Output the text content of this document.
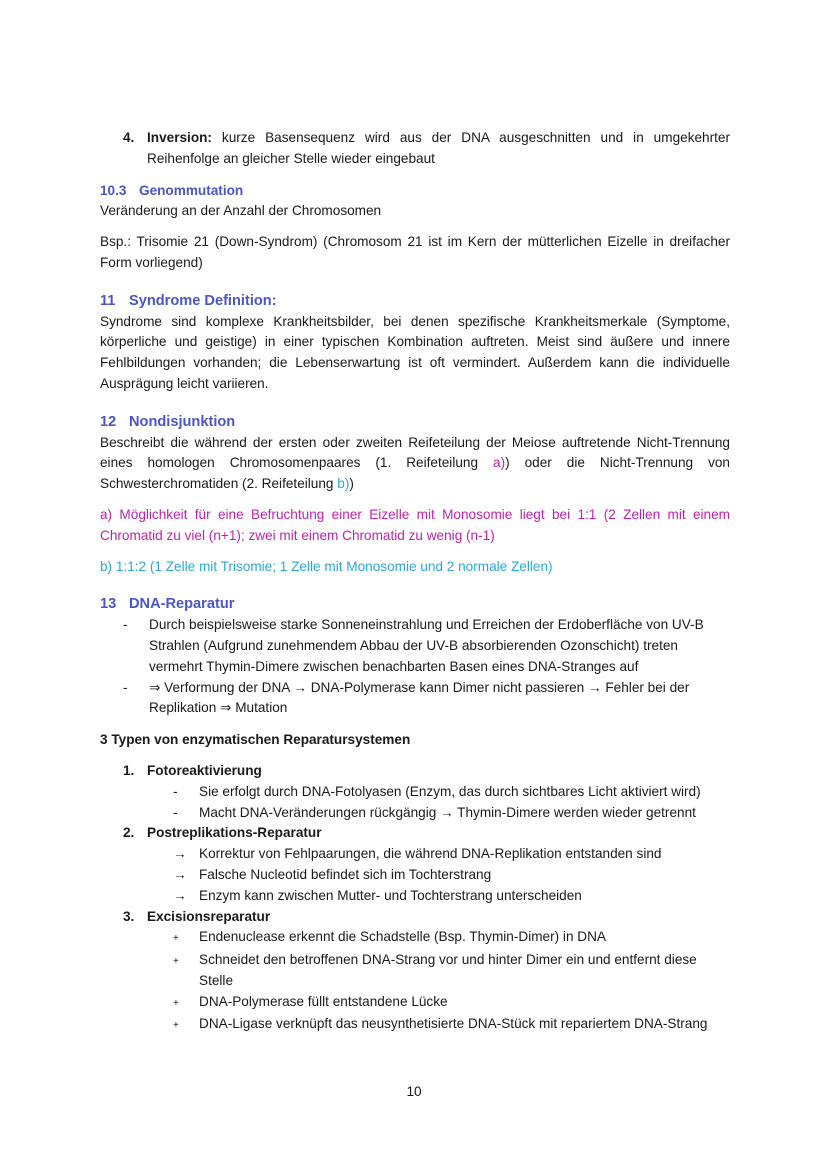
4. Inversion: kurze Basensequenz wird aus der DNA ausgeschnitten und in umgekehrter Reihenfolge an gleicher Stelle wieder eingebaut

10.3 Genommutation

Veränderung an der Anzahl der Chromosomen

Bsp.: Trisomie 21 (Down-Syndrom) (Chromosom 21 ist im Kern der mütterlichen Eizelle in dreifacher Form vorliegend)

11 Syndrome Definition:

Syndrome sind komplexe Krankheitsbilder, bei denen spezifische Krankheitsmerkale (Symptome, körperliche und geistige) in einer typischen Kombination auftreten. Meist sind äußere und innere Fehlbildungen vorhanden; die Lebenserwartung ist oft vermindert. Außerdem kann die individuelle Ausprägung leicht variieren.

12 Nondisjunktion

Beschreibt die während der ersten oder zweiten Reifeteilung der Meiose auftretende Nicht-Trennung eines homologen Chromosomenpaares (1. Reifeteilung a)) oder die Nicht-Trennung von Schwesterchromatiden (2. Reifeteilung b))

a) Möglichkeit für eine Befruchtung einer Eizelle mit Monosomie liegt bei 1:1 (2 Zellen mit einem Chromatid zu viel (n+1); zwei mit einem Chromatid zu wenig (n-1)

b) 1:1:2 (1 Zelle mit Trisomie; 1 Zelle mit Monosomie und 2 normale Zellen)

13 DNA-Reparatur
-	Durch beispielsweise starke Sonneneinstrahlung und Erreichen der Erdoberfläche von UV-B Strahlen (Aufgrund zunehmendem Abbau der UV-B absorbierenden Ozonschicht) treten vermehrt Thymin-Dimere zwischen benachbarten Basen eines DNA-Stranges auf

-	⇒ Verformung der DNA → DNA-Polymerase kann Dimer nicht passieren → Fehler bei der Replikation ⇒ Mutation

3 Typen von enzymatischen Reparatursystemen

1. Fotoreaktivierung
-	Sie erfolgt durch DNA-Fotolyasen (Enzym, das durch sichtbares Licht aktiviert wird)

-	Macht DNA-Veränderungen rückgängig → Thymin-Dimere werden wieder getrennt

2. Postreplikations-Reparatur
→ Korrektur von Fehlpaarungen, die während DNA-Replikation entstanden sind

→ Falsche Nucleotid befindet sich im Tochterstrang

→ Enzym kann zwischen Mutter- und Tochterstrang unterscheiden

3. Excisionsreparatur
+	Endenuclease erkennt die Schadstelle (Bsp. Thymin-Dimer) in DNA

+	Schneidet den betroffenen DNA-Strang vor und hinter Dimer ein und entfernt diese Stelle

+	DNA-Polymerase füllt entstandene Lücke

+	DNA-Ligase verknüpft das neusynthetisierte DNA-Stück mit repariertem DNA-Strang

10
